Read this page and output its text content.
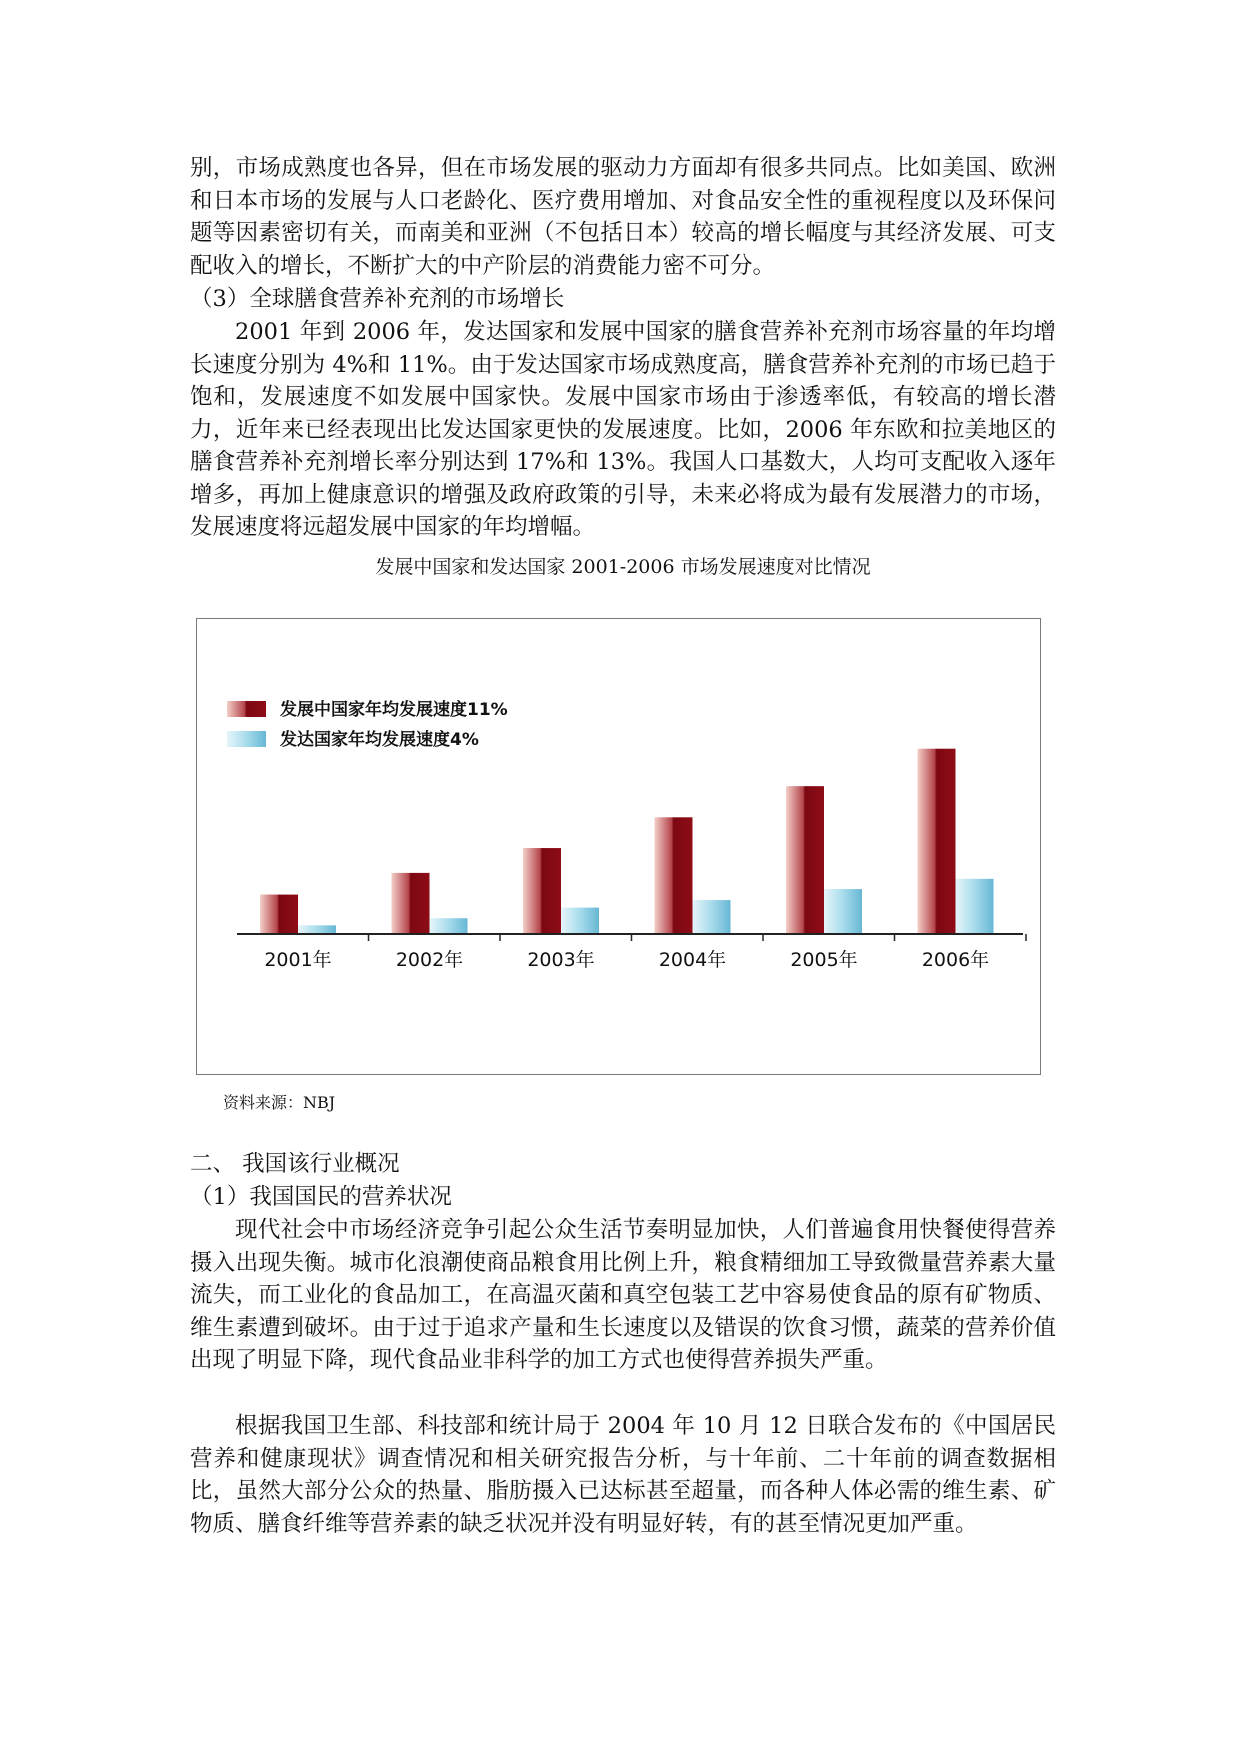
别，市场成熟度也各异，但在市场发展的驱动力方面却有很多共同点。比如美国、欧洲和日本市场的发展与人口老龄化、医疗费用增加、对食品安全性的重视程度以及环保问题等因素密切有关，而南美和亚洲（不包括日本）较高的增长幅度与其经济发展、可支配收入的增长，不断扩大的中产阶层的消费能力密不可分。

（3）全球膳食营养补充剂的市场增长

2001 年到 2006 年，发达国家和发展中国家的膳食营养补充剂市场容量的年均增长速度分别为 4%和 11%。由于发达国家市场成熟度高，膳食营养补充剂的市场已趋于饱和，发展速度不如发展中国家快。发展中国家市场由于渗透率低，有较高的增长潜力，近年来已经表现出比发达国家更快的发展速度。比如，2006 年东欧和拉美地区的膳食营养补充剂增长率分别达到 17%和 13%。我国人口基数大，人均可支配收入逐年增多，再加上健康意识的增强及政府政策的引导，未来必将成为最有发展潜力的市场，发展速度将远超发展中国家的年均增幅。

发展中国家和发达国家 2001-2006 市场发展速度对比情况

发展中国家年均发展速度11%
发达国家年均发展速度4%
2001年	2002年	2003年	2004年	2005年	2006年

资料来源：NBJ

二、 我国该行业概况

（1）我国国民的营养状况

现代社会中市场经济竞争引起公众生活节奏明显加快，人们普遍食用快餐使得营养摄入出现失衡。城市化浪潮使商品粮食用比例上升，粮食精细加工导致微量营养素大量流失，而工业化的食品加工，在高温灭菌和真空包装工艺中容易使食品的原有矿物质、维生素遭到破坏。由于过于追求产量和生长速度以及错误的饮食习惯，蔬菜的营养价值出现了明显下降，现代食品业非科学的加工方式也使得营养损失严重。

根据我国卫生部、科技部和统计局于 2004 年 10 月 12 日联合发布的《中国居民营养和健康现状》调查情况和相关研究报告分析，与十年前、二十年前的调查数据相比，虽然大部分公众的热量、脂肪摄入已达标甚至超量，而各种人体必需的维生素、矿物质、膳食纤维等营养素的缺乏状况并没有明显好转，有的甚至情况更加严重。
